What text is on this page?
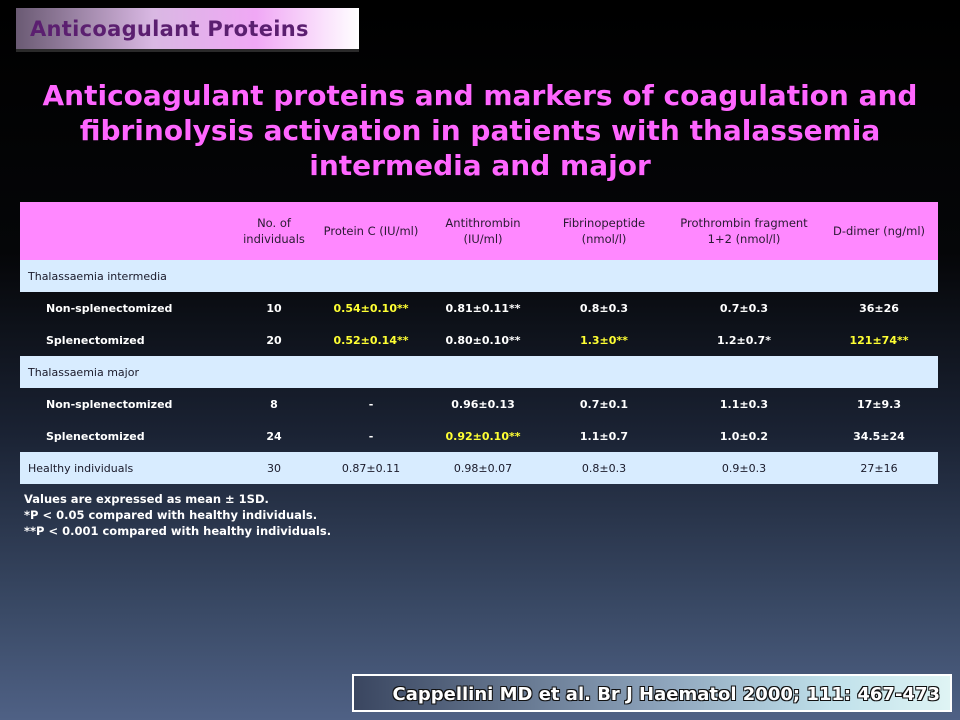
Anticoagulant Proteins
Anticoagulant proteins and markers of coagulation and fibrinolysis activation in patients with thalassemia intermedia and major
	No. of individuals	Protein C (IU/ml)	Antithrombin (IU/ml)	Fibrinopeptide (nmol/l)	Prothrombin fragment 1+2 (nmol/l)	D-dimer (ng/ml)
Thalassaemia intermedia						
Non-splenectomized	10	0.54±0.10**	0.81±0.11**	0.8±0.3	0.7±0.3	36±26
Splenectomized	20	0.52±0.14**	0.80±0.10**	1.3±0**	1.2±0.7*	121±74**
Thalassaemia major						
Non-splenectomized	8	-	0.96±0.13	0.7±0.1	1.1±0.3	17±9.3
Splenectomized	24	-	0.92±0.10**	1.1±0.7	1.0±0.2	34.5±24
Healthy individuals	30	0.87±0.11	0.98±0.07	0.8±0.3	0.9±0.3	27±16
Values are expressed as mean ± 1SD.
*P < 0.05 compared with healthy individuals.
**P < 0.001 compared with healthy individuals.
Cappellini MD et al. Br J Haematol 2000; 111: 467-473
